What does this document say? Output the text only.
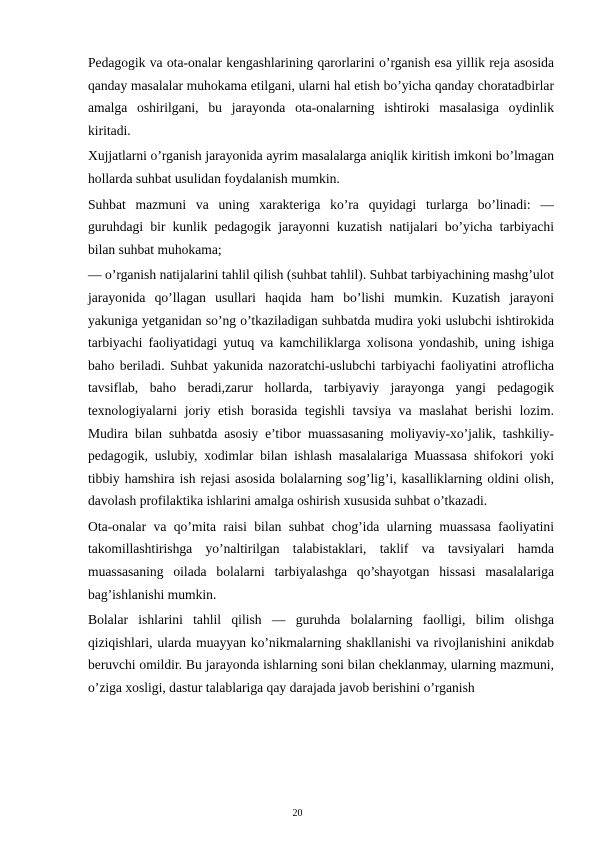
Pedagogik va ota-onalar kengashlarining qarorlarini o’rganish esa yillik reja asosida qanday masalalar muhokama etilgani, ularni hal etish bo’yicha qanday choratadbirlar amalga oshirilgani, bu jarayonda ota-onalarning ishtiroki masalasiga oydinlik kiritadi.

Xujjatlarni o’rganish jarayonida ayrim masalalarga aniqlik kiritish imkoni bo’lmagan hollarda suhbat usulidan foydalanish mumkin.

Suhbat mazmuni va uning xarakteriga ko’ra quyidagi turlarga bo’linadi: — guruhdagi bir kunlik pedagogik jarayonni kuzatish natijalari bo’yicha tarbiyachi bilan suhbat muhokama;

— o’rganish natijalarini tahlil qilish (suhbat tahlil). Suhbat tarbiyachining mashg’ulot jarayonida qo’llagan usullari haqida ham bo’lishi mumkin. Kuzatish jarayoni yakuniga yetganidan so’ng o’tkaziladigan suhbatda mudira yoki uslubchi ishtirokida tarbiyachi faoliyatidagi yutuq va kamchiliklarga xolisona yondashib, uning ishiga baho beriladi. Suhbat yakunida nazoratchi-uslubchi tarbiyachi faoliyatini atroflicha tavsiflab, baho beradi,zarur hollarda, tarbiyaviy jarayonga yangi pedagogik texnologiyalarni joriy etish borasida tegishli tavsiya va maslahat berishi lozim. Mudira bilan suhbatda asosiy e’tibor muassasaning moliyaviy-xo’jalik, tashkiliy-pedagogik, uslubiy, xodimlar bilan ishlash masalalariga Muassasa shifokori yoki tibbiy hamshira ish rejasi asosida bolalarning sog’lig’i, kasalliklarning oldini olish, davolash profilaktika ishlarini amalga oshirish xususida suhbat o’tkazadi.

Ota-onalar va qo’mita raisi bilan suhbat chog’ida ularning muassasa faoliyatini takomillashtirishga yo’naltirilgan talabistaklari, taklif va tavsiyalari hamda muassasaning oilada bolalarni tarbiyalashga qo’shayotgan hissasi masalalariga bag’ishlanishi mumkin.

Bolalar ishlarini tahlil qilish — guruhda bolalarning faolligi, bilim olishga qiziqishlari, ularda muayyan ko’nikmalarning shakllanishi va rivojlanishini anikdab beruvchi omildir. Bu jarayonda ishlarning soni bilan cheklanmay, ularning mazmuni, o’ziga xosligi, dastur talablariga qay darajada javob berishini o’rganish

20
